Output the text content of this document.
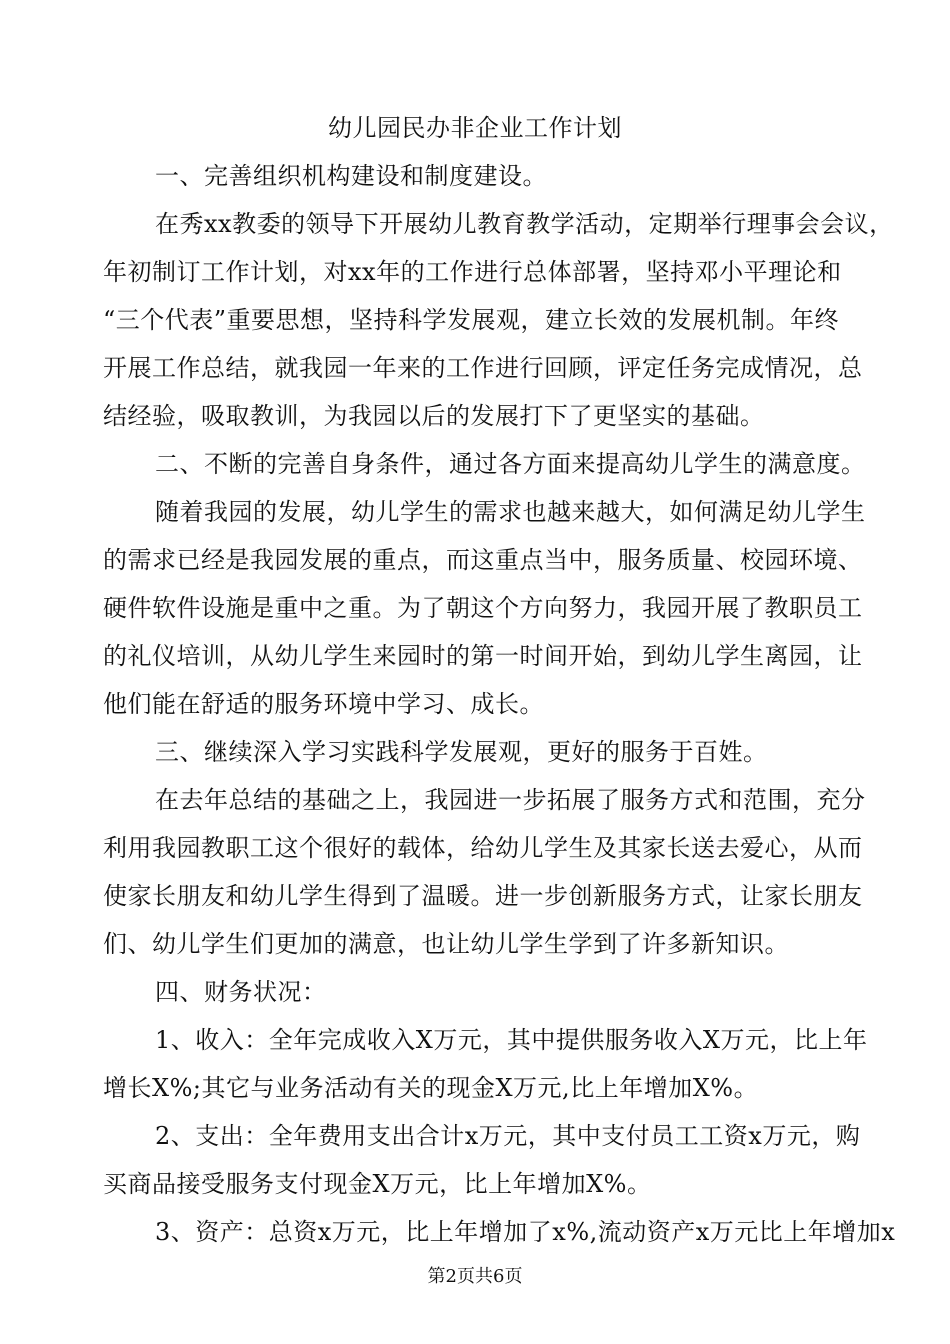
幼儿园民办非企业工作计划
一、完善组织机构建设和制度建设。
在秀xx教委的领导下开展幼儿教育教学活动，定期举行理事会会议，
年初制订工作计划，对xx年的工作进行总体部署，坚持邓小平理论和
“三个代表”重要思想，坚持科学发展观，建立长效的发展机制。年终
开展工作总结，就我园一年来的工作进行回顾，评定任务完成情况，总
结经验，吸取教训，为我园以后的发展打下了更坚实的基础。
二、不断的完善自身条件，通过各方面来提高幼儿学生的满意度。
随着我园的发展，幼儿学生的需求也越来越大，如何满足幼儿学生
的需求已经是我园发展的重点，而这重点当中，服务质量、校园环境、
硬件软件设施是重中之重。为了朝这个方向努力，我园开展了教职员工
的礼仪培训，从幼儿学生来园时的第一时间开始，到幼儿学生离园，让
他们能在舒适的服务环境中学习、成长。
三、继续深入学习实践科学发展观，更好的服务于百姓。
在去年总结的基础之上，我园进一步拓展了服务方式和范围，充分
利用我园教职工这个很好的载体，给幼儿学生及其家长送去爱心，从而
使家长朋友和幼儿学生得到了温暖。进一步创新服务方式，让家长朋友
们、幼儿学生们更加的满意，也让幼儿学生学到了许多新知识。
四、财务状况：
1、收入：全年完成收入X万元，其中提供服务收入X万元，比上年
增长X%;其它与业务活动有关的现金X万元,比上年增加X%。
2、支出：全年费用支出合计x万元，其中支付员工工资x万元，购
买商品接受服务支付现金X万元，比上年增加X%。
3、资产：总资x万元，比上年增加了x%,流动资产x万元比上年增加x
第2页共6页
